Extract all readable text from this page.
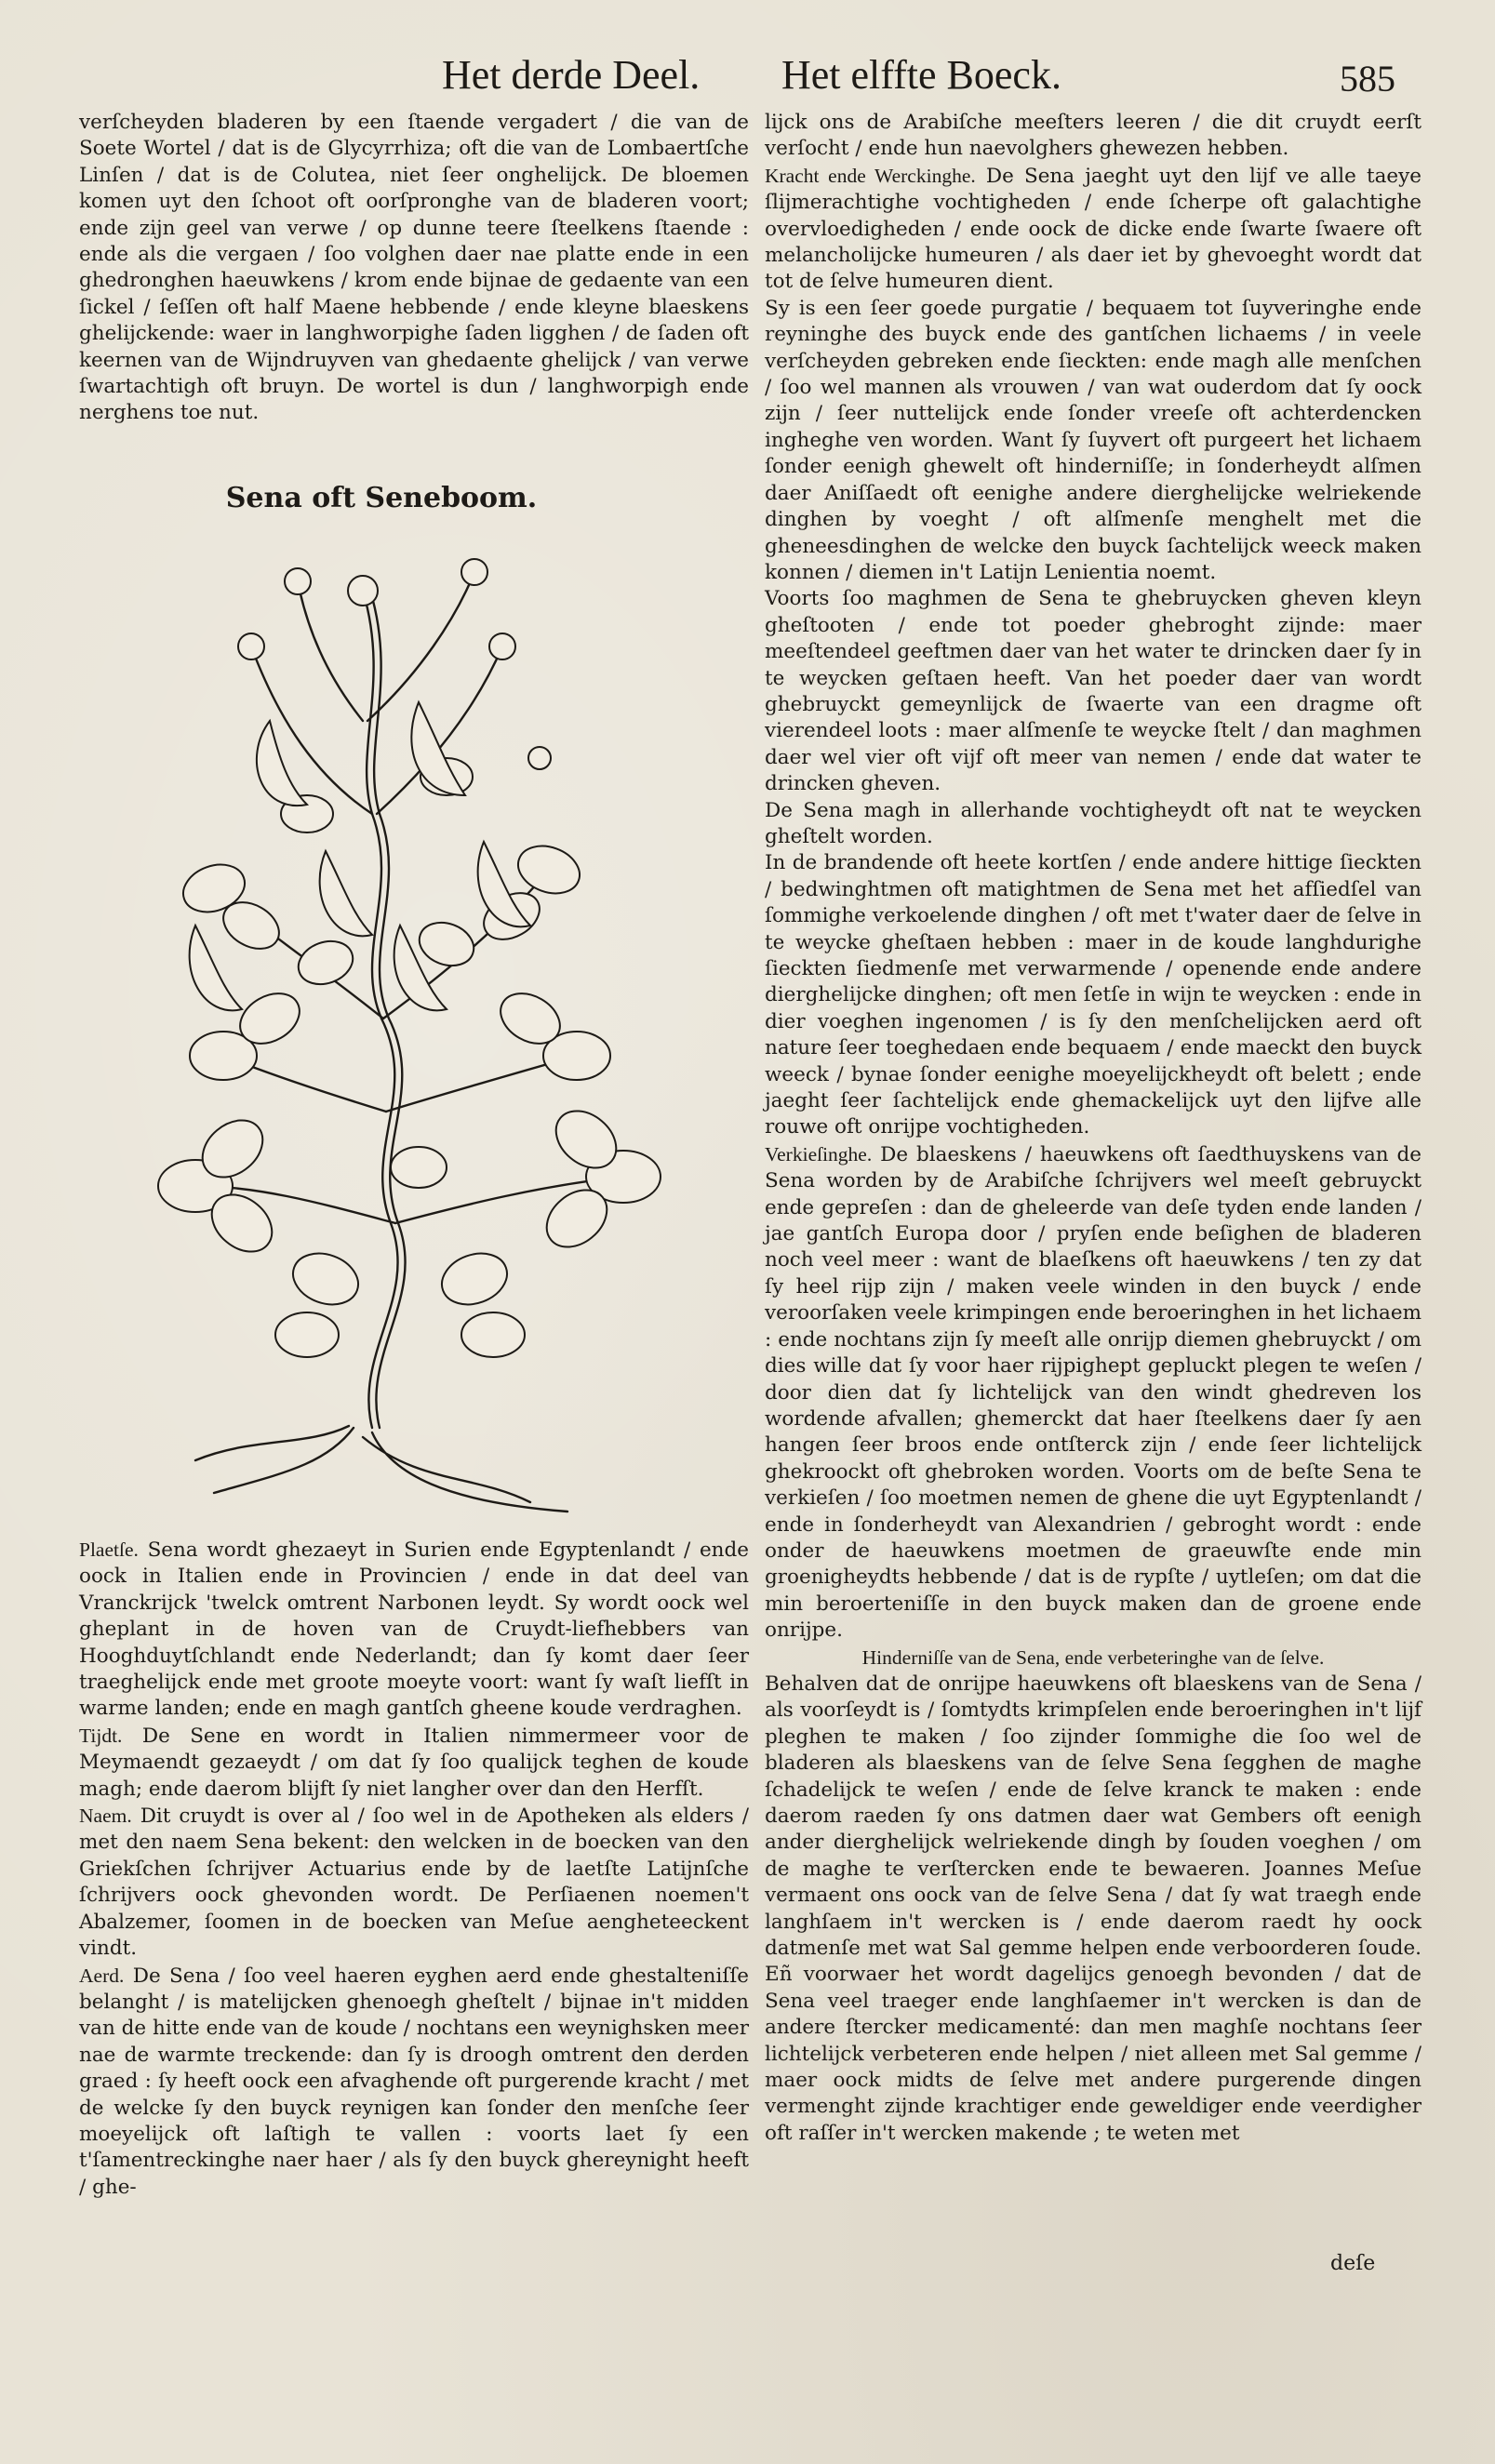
Het derde Deel. Het elffte Boeck.	585

verſcheyden bladeren by een ſtaende vergadert / die van de Soete Wortel / dat is de Glycyrrhiza; oft die van de Lombaertſche Linſen / dat is de Colutea, niet ſeer onghelijck. De bloemen komen uyt den ſchoot oft oorſpronghe van de bladeren voort; ende zijn geel van verwe / op dunne teere ſteelkens ſtaende : ende als die vergaen / ſoo volghen daer nae platte ende in een ghedronghen haeuwkens / krom ende bijnae de gedaente van een ſickel / ſeſſen oft half Maene hebbende / ende kleyne blaeskens ghelijckende: waer in langhworpighe ſaden ligghen / de ſaden oft keernen van de Wijndruyven van ghedaente ghelijck / van verwe ſwartachtigh oft bruyn. De wortel is dun / langhworpigh ende nerghens toe nut.

Sena oft Seneboom.

Plaetſe. Sena wordt ghezaeyt in Surien ende Egyptenlandt / ende oock in Italien ende in Provincien / ende in dat deel van Vranckrijck 'twelck omtrent Narbonen leydt. Sy wordt oock wel gheplant in de hoven van de Cruydt-liefhebbers van Hooghduytſchlandt ende Nederlandt; dan ſy komt daer ſeer traeghelijck ende met groote moeyte voort: want ſy waſt liefſt in warme landen; ende en magh gantſch gheene koude verdraghen.

Tijdt. De Sene en wordt in Italien nimmermeer voor de Meymaendt gezaeydt / om dat ſy ſoo qualijck teghen de koude magh; ende daerom blijft ſy niet langher over dan den Herfſt.

Naem. Dit cruydt is over al / ſoo wel in de Apotheken als elders / met den naem Sena bekent: den welcken in de boecken van den Griekſchen ſchrijver Actuarius ende by de laetſte Latijnſche ſchrijvers oock ghevonden wordt. De Perſiaenen noemen't Abalzemer, ſoomen in de boecken van Meſue aengheteeckent vindt.

Aerd. De Sena / ſoo veel haeren eyghen aerd ende ghestalteniſſe belanght / is matelijcken ghenoegh gheſtelt / bijnae in't midden van de hitte ende van de koude / nochtans een weynighsken meer nae de warmte treckende: dan ſy is droogh omtrent den derden graed : ſy heeft oock een afvaghende oft purgerende kracht / met de welcke ſy den buyck reynigen kan ſonder den menſche ſeer moeyelijck oft laſtigh te vallen : voorts laet ſy een t'ſamentreckinghe naer haer / als ſy den buyck ghereynight heeft / ghe-

lijck ons de Arabiſche meeſters leeren / die dit cruydt eerſt verſocht / ende hun naevolghers ghewezen hebben.

Kracht ende Werckinghe. De Sena jaeght uyt den lijf ve alle taeye ſlijmerachtighe vochtigheden / ende ſcherpe oft galachtighe overvloedigheden / ende oock de dicke ende ſwarte ſwaere oft melancholijcke humeuren / als daer iet by ghevoeght wordt dat tot de ſelve humeuren dient.

Sy is een ſeer goede purgatie / bequaem tot ſuyveringhe ende reyninghe des buyck ende des gantſchen lichaems / in veele verſcheyden gebreken ende ſieckten: ende magh alle menſchen / ſoo wel mannen als vrouwen / van wat ouderdom dat ſy oock zijn / ſeer nuttelijck ende ſonder vreeſe oft achterdencken ingheghe ven worden. Want ſy ſuyvert oft purgeert het lichaem ſonder eenigh ghewelt oft hinderniſſe; in ſonderheydt alſmen daer Aniſſaedt oft eenighe andere dierghelijcke welriekende dinghen by voeght / oft alſmenſe menghelt met die gheneesdinghen de welcke den buyck ſachtelijck weeck maken konnen / diemen in't Latijn Lenientia noemt.

Voorts ſoo maghmen de Sena te ghebruycken gheven kleyn gheſtooten / ende tot poeder ghebroght zijnde: maer meeſtendeel geeftmen daer van het water te drincken daer ſy in te weycken geſtaen heeft. Van het poeder daer van wordt ghebruyckt gemeynlijck de ſwaerte van een dragme oft vierendeel loots : maer alſmenſe te weycke ſtelt / dan maghmen daer wel vier oft vijf oft meer van nemen / ende dat water te drincken gheven.

De Sena magh in allerhande vochtigheydt oft nat te weycken gheſtelt worden.

In de brandende oft heete kortſen / ende andere hittige ſieckten / bedwinghtmen oft matightmen de Sena met het afſiedſel van ſommighe verkoelende dinghen / oft met t'water daer de ſelve in te weycke gheſtaen hebben : maer in de koude langhdurighe ſieckten ſiedmenſe met verwarmende / openende ende andere dierghelijcke dinghen; oft men ſetſe in wijn te weycken : ende in dier voeghen ingenomen / is ſy den menſchelijcken aerd oft nature ſeer toeghedaen ende bequaem / ende maeckt den buyck weeck / bynae ſonder eenighe moeyelijckheydt oft belett ; ende jaeght ſeer ſachtelijck ende ghemackelijck uyt den lijfve alle rouwe oft onrijpe vochtigheden.

Verkieſinghe. De blaeskens / haeuwkens oft ſaedthuyskens van de Sena worden by de Arabiſche ſchrijvers wel meeſt gebruyckt ende gepreſen : dan de gheleerde van deſe tyden ende landen / jae gantſch Europa door / pryſen ende beſighen de bladeren noch veel meer : want de blaeſkens oft haeuwkens / ten zy dat ſy heel rijp zijn / maken veele winden in den buyck / ende veroorſaken veele krimpingen ende beroeringhen in het lichaem : ende nochtans zijn ſy meeſt alle onrijp diemen ghebruyckt / om dies wille dat ſy voor haer rijpighept gepluckt plegen te weſen / door dien dat ſy lichtelijck van den windt ghedreven los wordende afvallen; ghemerckt dat haer ſteelkens daer ſy aen hangen ſeer broos ende ontſterck zijn / ende ſeer lichtelijck ghekroockt oft ghebroken worden. Voorts om de beſte Sena te verkieſen / ſoo moetmen nemen de ghene die uyt Egyptenlandt / ende in ſonderheydt van Alexandrien / gebroght wordt : ende onder de haeuwkens moetmen de graeuwſte ende min groenigheydts hebbende / dat is de rypſte / uytleſen; om dat die min beroerteniſſe in den buyck maken dan de groene ende onrijpe.

Hinderniſſe van de Sena, ende verbeteringhe van de ſelve.

Behalven dat de onrijpe haeuwkens oft blaeskens van de Sena / als voorſeydt is / ſomtydts krimpſelen ende beroeringhen in't lijf pleghen te maken / ſoo zijnder ſommighe die ſoo wel de bladeren als blaeskens van de ſelve Sena ſegghen de maghe ſchadelijck te weſen / ende de ſelve kranck te maken : ende daerom raeden ſy ons datmen daer wat Gembers oft eenigh ander dierghelijck welriekende dingh by ſouden voeghen / om de maghe te verſtercken ende te bewaeren. Joannes Meſue vermaent ons oock van de ſelve Sena / dat ſy wat traegh ende langhſaem in't wercken is / ende daerom raedt hy oock datmenſe met wat Sal gemme helpen ende verboorderen ſoude. Eñ voorwaer het wordt dagelijcs genoegh bevonden / dat de Sena veel traeger ende langhſaemer in't wercken is dan de andere ſtercker medicamenté: dan men maghſe nochtans ſeer lichtelijck verbeteren ende helpen / niet alleen met Sal gemme / maer oock midts de ſelve met andere purgerende dingen vermenght zijnde krachtiger ende geweldiger ende veerdigher oft raſſer in't wercken makende ; te weten met

deſe
